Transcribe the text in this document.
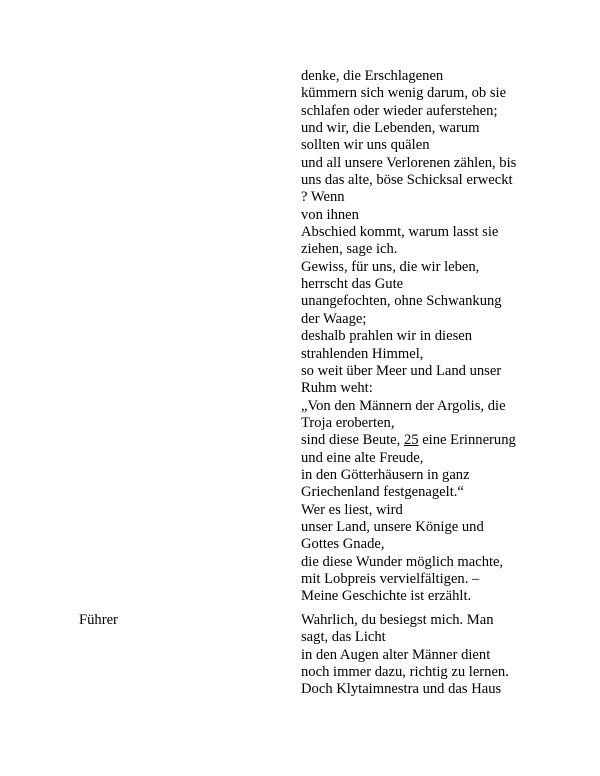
denke, die Erschlagenen
kümmern sich wenig darum, ob sie
schlafen oder wieder auferstehen;
und wir, die Lebenden, warum
sollten wir uns quälen
und all unsere Verlorenen zählen, bis
uns das alte, böse Schicksal erweckt
? Wenn
von ihnen
Abschied kommt, warum lasst sie
ziehen, sage ich.
Gewiss, für uns, die wir leben,
herrscht das Gute
unangefochten, ohne Schwankung
der Waage;
deshalb prahlen wir in diesen
strahlenden Himmel,
so weit über Meer und Land unser
Ruhm weht:
„Von den Männern der Argolis, die
Troja eroberten,
sind diese Beute, 25 eine Erinnerung
und eine alte Freude,
in den Götterhäusern in ganz
Griechenland festgenagelt.“
Wer es liest, wird
unser Land, unsere Könige und
Gottes Gnade,
die diese Wunder möglich machte,
mit Lobpreis vervielfältigen. –
Meine Geschichte ist erzählt.
Führer	Wahrlich, du besiegst mich. Man
sagt, das Licht
in den Augen alter Männer dient
noch immer dazu, richtig zu lernen.
Doch Klytaimnestra und das Haus
